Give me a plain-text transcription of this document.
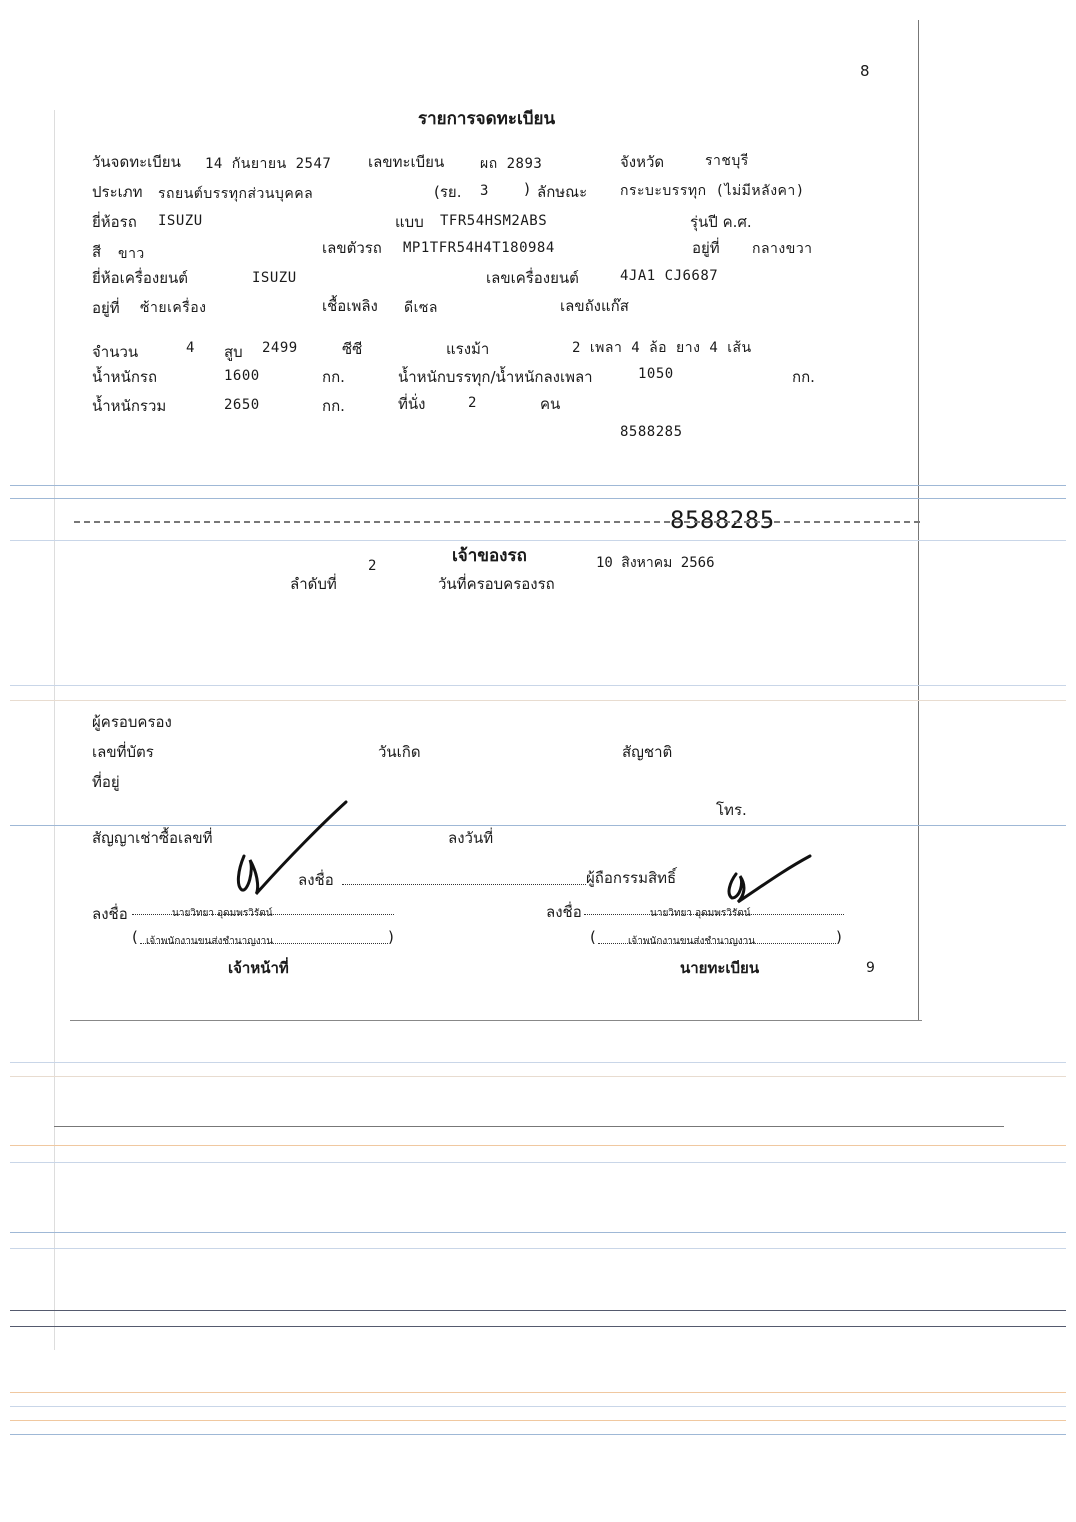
8
รายการจดทะเบียน
วันจดทะเบียน 14 กันยายน 2547 เลขทะเบียน	ผถ 2893	จังหวัด	ราชบุรี
ประเภท รถยนต์บรรทุกส่วนบุคคล	(รย. 3 ) ลักษณะ กระบะบรรทุก (ไม่มีหลังคา)
ยี่ห้อรถ ISUZU	แบบ TFR54HSM2ABS	รุ่นปี ค.ศ.
สี ขาว	เลขตัวรถ MP1TFR54H4T180984	อยู่ที่ กลางขวา
ยี่ห้อเครื่องยนต์	ISUZU	เลขเครื่องยนต์	4JA1 CJ6687
อยู่ที่ ซ้ายเครื่อง	เชื้อเพลิง ดีเซล	เลขถังแก๊ส
จำนวน	4 สูบ 2499	ซีซี	แรงม้า	2 เพลา 4 ล้อ ยาง 4 เส้น
น้ำหนักรถ	1600	กก.	น้ำหนักบรรทุก/น้ำหนักลงเพลา	1050	กก.
น้ำหนักรวม	2650	กก.	ที่นั่ง	2	คน
8588285
8588285
เจ้าของรถ	10 สิงหาคม 2566
2
ลำดับที่	วันที่ครอบครองรถ
ผู้ครอบครอง
เลขที่บัตร	วันเกิด	สัญชาติ
ที่อยู่
โทร.
สัญญาเช่าซื้อเลขที่	ลงวันที่
ลงชื่อ	ผู้ถือกรรมสิทธิ์
ลงชื่อ	นายวิทยา อุดมพรวิรัตน์
( เจ้าพนักงานขนส่งชำนาญงาน	)
เจ้าหน้าที่
ลงชื่อ	นายวิทยา อุดมพรวิรัตน์
(	เจ้าพนักงานขนส่งชำนาญงาน	)
นายทะเบียน	9
